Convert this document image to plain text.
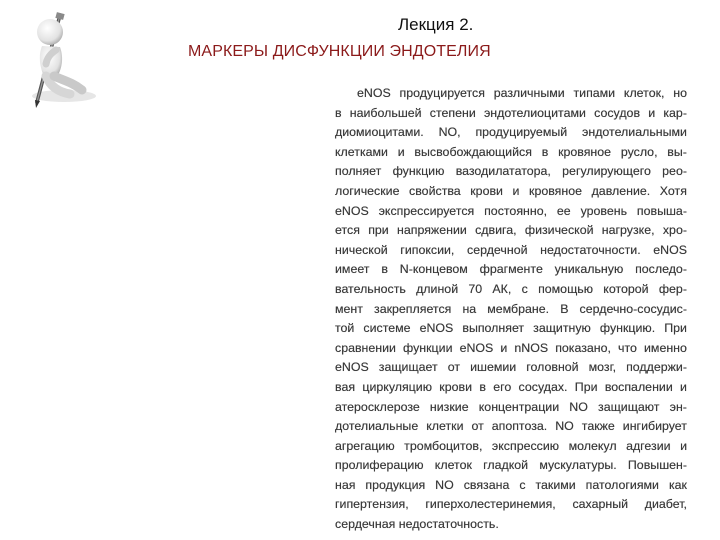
Лекция 2.
МАРКЕРЫ ДИСФУНКЦИИ ЭНДОТЕЛИЯ
eNOS продуцируется различными типами клеток, но
в наибольшей степени эндотелиоцитами сосудов и кар-
диомиоцитами. NO, продуцируемый эндотелиальными
клетками и высвобождающийся в кровяное русло, вы-
полняет функцию вазодилататора, регулирующего рео-
логические свойства крови и кровяное давление. Хотя
eNOS экспрессируется постоянно, ее уровень повыша-
ется при напряжении сдвига, физической нагрузке, хро-
нической гипоксии, сердечной недостаточности. eNOS
имеет в N-концевом фрагменте уникальную последо-
вательность длиной 70 АК, с помощью которой фер-
мент закрепляется на мембране. В сердечно-сосудис-
той системе eNOS выполняет защитную функцию. При
сравнении функции eNOS и nNOS показано, что именно
eNOS защищает от ишемии головной мозг, поддержи-
вая циркуляцию крови в его сосудах. При воспалении и
атеросклерозе низкие концентрации NO защищают эн-
дотелиальные клетки от апоптоза. NO также ингибирует
агрегацию тромбоцитов, экспрессию молекул адгезии и
пролиферацию клеток гладкой мускулатуры. Повышен-
ная продукция NO связана с такими патологиями как
гипертензия, гиперхолестеринемия, сахарный диабет,
сердечная недостаточность.
